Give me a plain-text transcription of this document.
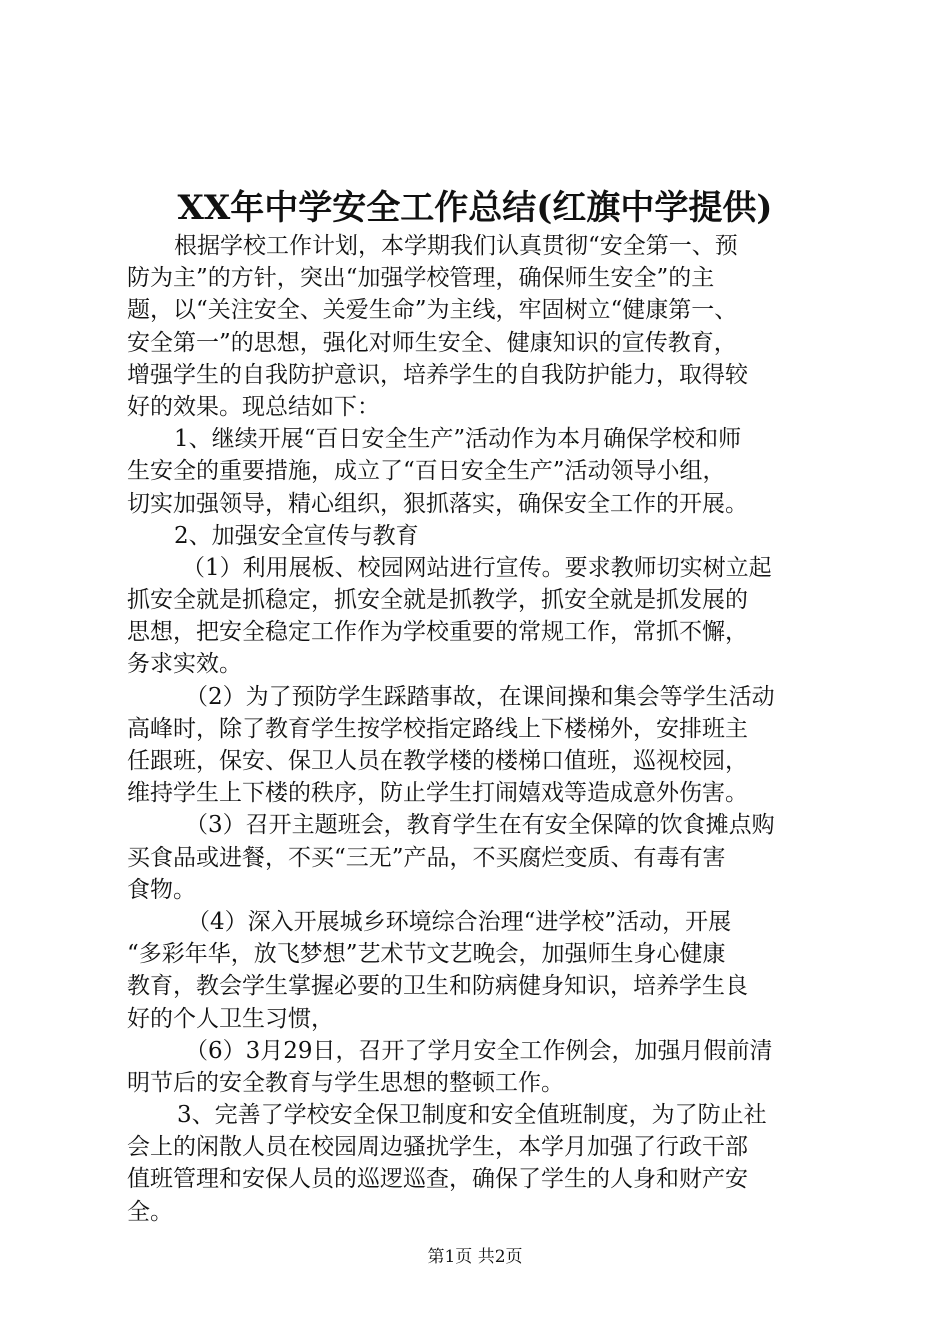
XX年中学安全工作总结(红旗中学提供)
根据学校工作计划，本学期我们认真贯彻“安全第一、预
防为主”的方针，突出“加强学校管理，确保师生安全”的主
题，以“关注安全、关爱生命”为主线，牢固树立“健康第一、
安全第一”的思想，强化对师生安全、健康知识的宣传教育，
增强学生的自我防护意识，培养学生的自我防护能力，取得较
好的效果。现总结如下：
1、继续开展“百日安全生产”活动作为本月确保学校和师
生安全的重要措施，成立了“百日安全生产”活动领导小组，
切实加强领导，精心组织，狠抓落实，确保安全工作的开展。
2、加强安全宣传与教育
（1）利用展板、校园网站进行宣传。要求教师切实树立起
抓安全就是抓稳定，抓安全就是抓教学，抓安全就是抓发展的
思想，把安全稳定工作作为学校重要的常规工作，常抓不懈，
务求实效。
（2）为了预防学生踩踏事故，在课间操和集会等学生活动
高峰时，除了教育学生按学校指定路线上下楼梯外，安排班主
任跟班，保安、保卫人员在教学楼的楼梯口值班，巡视校园，
维持学生上下楼的秩序，防止学生打闹嬉戏等造成意外伤害。
（3）召开主题班会，教育学生在有安全保障的饮食摊点购
买食品或进餐，不买“三无”产品，不买腐烂变质、有毒有害
食物。
（4）深入开展城乡环境综合治理“进学校”活动，开展
“多彩年华，放飞梦想”艺术节文艺晚会，加强师生身心健康
教育，教会学生掌握必要的卫生和防病健身知识，培养学生良
好的个人卫生习惯，
（6）3月29日，召开了学月安全工作例会，加强月假前清
明节后的安全教育与学生思想的整顿工作。
3、完善了学校安全保卫制度和安全值班制度，为了防止社
会上的闲散人员在校园周边骚扰学生，本学月加强了行政干部
值班管理和安保人员的巡逻巡查，确保了学生的人身和财产安
全。
第1页 共2页
